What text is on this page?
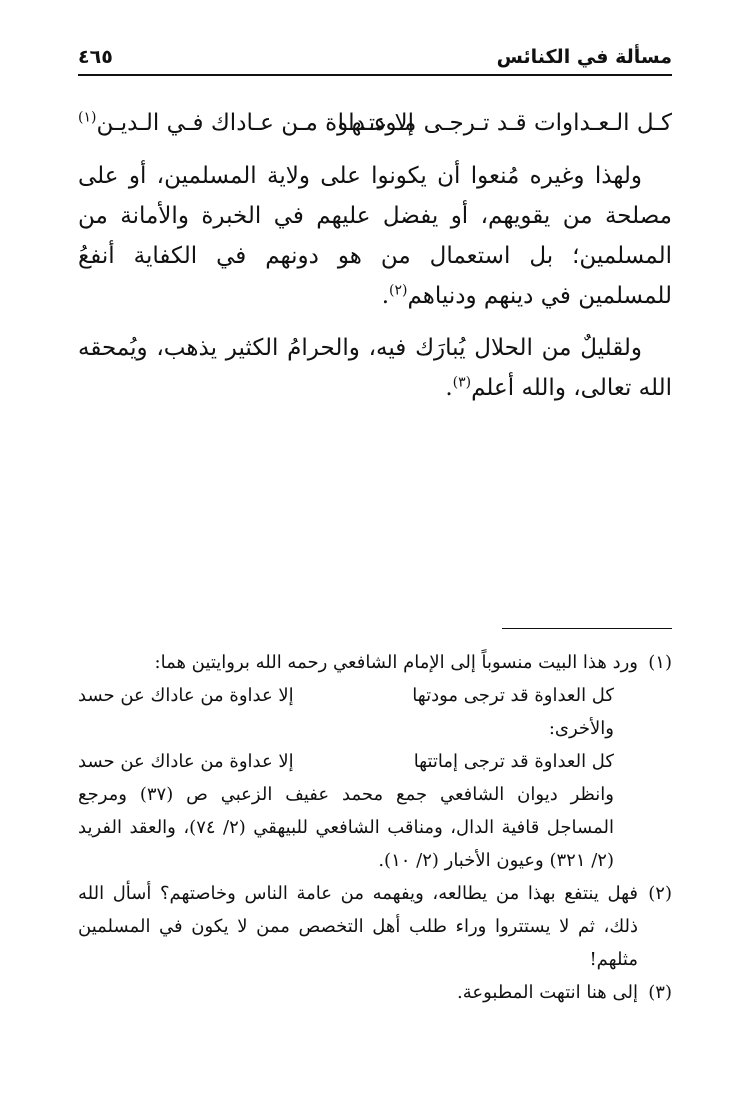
مسألة في الكنائس
٤٦٥
كـل الـعـداوات قـد تـرجـى مـودتـهـا
إلا عـداوة مـن عـاداك فـي الـديـن$^{(١)}$

ولهذا وغيره مُنعوا أن يكونوا على ولاية المسلمين، أو على مصلحة من يقويهم، أو يفضل عليهم في الخبرة والأمانة من المسلمين؛ بل استعمال من هو دونهم في الكفاية أنفعُ للمسلمين في دينهم ودنياهم$^{(٢)}$.

ولقليلٌ من الحلال يُبارَك فيه، والحرامُ الكثير يذهب، ويُمحقه الله تعالى، والله أعلم$^{(٣)}$.

(١)
ورد هذا البيت منسوباً إلى الإمام الشافعي رحمه الله بروايتين هما:
كل العداوة قد ترجى مودتها
إلا عداوة من عاداك عن حسد
والأخرى:
كل العداوة قد ترجى إماتتها
إلا عداوة من عاداك عن حسد
وانظر ديوان الشافعي جمع محمد عفيف الزعبي ص (٣٧) ومرجع المساجل قافية الدال، ومناقب الشافعي للبيهقي (٢/ ٧٤)، والعقد الفريد (٢/ ٣٢١) وعيون الأخبار (٢/ ١٠).
(٢)
فهل ينتفع بهذا من يطالعه، ويفهمه من عامة الناس وخاصتهم؟ أسأل الله ذلك، ثم لا يستتروا وراء طلب أهل التخصص ممن لا يكون في المسلمين مثلهم!
(٣)
إلى هنا انتهت المطبوعة.
